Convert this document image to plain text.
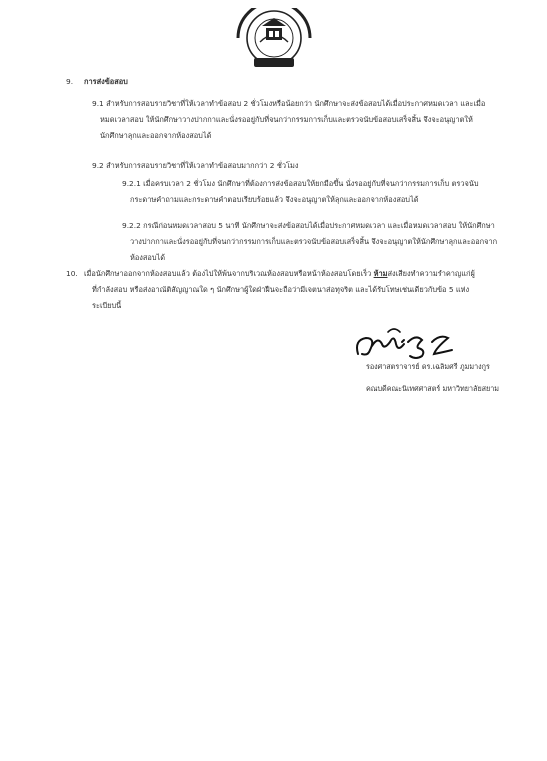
9. การส่งข้อสอบ
9.1 สำหรับการสอบรายวิชาที่ให้เวลาทำข้อสอบ 2 ชั่วโมงหรือน้อยกว่า นักศึกษาจะส่งข้อสอบได้เมื่อประกาศหมดเวลา และเมื่อ
หมดเวลาสอบ ให้นักศึกษาวางปากกาและนั่งรออยู่กับที่จนกว่ากรรมการเก็บและตรวจนับข้อสอบเสร็จสิ้น จึงจะอนุญาตให้
นักศึกษาลุกและออกจากห้องสอบได้
9.2 สำหรับการสอบรายวิชาที่ให้เวลาทำข้อสอบมากกว่า 2 ชั่วโมง
9.2.1 เมื่อครบเวลา 2 ชั่วโมง นักศึกษาที่ต้องการส่งข้อสอบให้ยกมือขึ้น นั่งรออยู่กับที่จนกว่ากรรมการเก็บ ตรวจนับ
กระดาษคำถามและกระดาษคำตอบเรียบร้อยแล้ว จึงจะอนุญาตให้ลุกและออกจากห้องสอบได้
9.2.2 กรณีก่อนหมดเวลาสอบ 5 นาที นักศึกษาจะส่งข้อสอบได้เมื่อประกาศหมดเวลา และเมื่อหมดเวลาสอบ ให้นักศึกษา
วางปากกาและนั่งรออยู่กับที่จนกว่ากรรมการเก็บและตรวจนับข้อสอบเสร็จสิ้น จึงจะอนุญาตให้นักศึกษาลุกและออกจาก
ห้องสอบได้
10. เมื่อนักศึกษาออกจากห้องสอบแล้ว ต้องไปให้พ้นจากบริเวณห้องสอบหรือหน้าห้องสอบโดยเร็ว ห้ามส่งเสียงทำความรำคาญแก่ผู้
ที่กำลังสอบ หรือส่งอาณัติสัญญาณใด ๆ นักศึกษาผู้ใดฝ่าฝืนจะถือว่ามีเจตนาส่อทุจริต และได้รับโทษเช่นเดียวกับข้อ 5 แห่ง
ระเบียบนี้
รองศาสตราจารย์ ดร.เฉลิมศรี ภูมมางกูร
คณบดีคณะนิเทศศาสตร์ มหาวิทยาลัยสยาม
